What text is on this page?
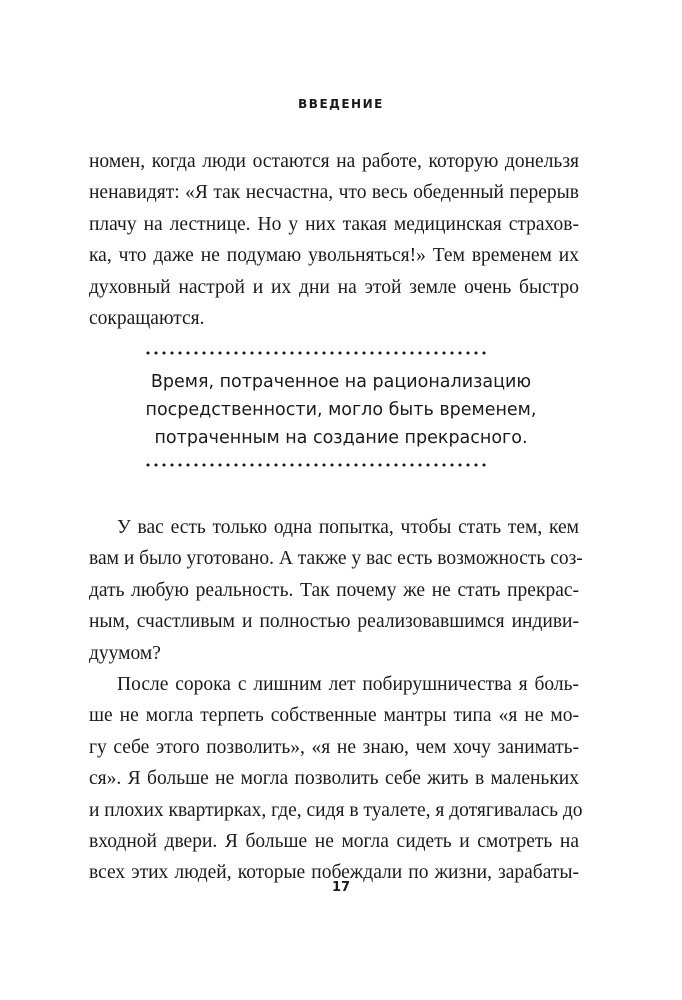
ВВЕДЕНИЕ
номен, когда люди остаются на работе, которую донельзя
ненавидят: «Я так несчастна, что весь обеденный перерыв
плачу на лестнице. Но у них такая медицинская страхов-
ка, что даже не подумаю увольняться!» Тем временем их
духовный настрой и их дни на этой земле очень быстро
сокращаются.
Время, потраченное на рационализацию
посредственности, могло быть временем,
потраченным на создание прекрасного.
У вас есть только одна попытка, чтобы стать тем, кем
вам и было уготовано. А также у вас есть возможность соз-
дать любую реальность. Так почему же не стать прекрас-
ным, счастливым и полностью реализовавшимся индиви-
дуумом?
После сорока с лишним лет побирушничества я боль-
ше не могла терпеть собственные мантры типа «я не мо-
гу себе этого позволить», «я не знаю, чем хочу занимать-
ся». Я больше не могла позволить себе жить в маленьких
и плохих квартирках, где, сидя в туалете, я дотягивалась до
входной двери. Я больше не могла сидеть и смотреть на
всех этих людей, которые побеждали по жизни, зарабаты-
17
